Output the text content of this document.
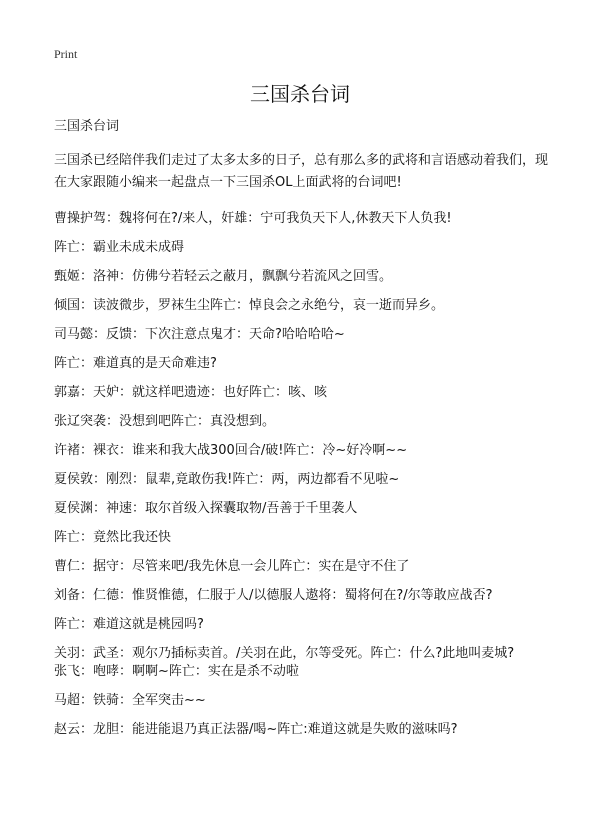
Print
三国杀台词

三国杀台词

三国杀已经陪伴我们走过了太多太多的日子，总有那么多的武将和言语感动着我们，现在大家跟随小编来一起盘点一下三国杀OL上面武将的台词吧!

曹操护驾：魏将何在?/来人，奸雄：宁可我负天下人,休教天下人负我!
阵亡：霸业未成未成碍
甄姬：洛神：仿佛兮若轻云之蔽月，飘飘兮若流风之回雪。
倾国：读波微步，罗袜生尘阵亡：悼良会之永绝兮，哀一逝而异乡。
司马懿：反馈：下次注意点鬼才：天命?哈哈哈哈~
阵亡：难道真的是天命难违?
郭嘉：天妒：就这样吧遗迹：也好阵亡：咳、咳
张辽突袭：没想到吧阵亡：真没想到。
许褚：裸衣：谁来和我大战300回合/破!阵亡：冷~好冷啊~~
夏侯敦：刚烈：鼠辈,竟敢伤我!阵亡：两，两边都看不见啦~
夏侯渊：神速：取尔首级入探囊取物/吾善于千里袭人
阵亡：竟然比我还快
曹仁：据守：尽管来吧/我先休息一会儿阵亡：实在是守不住了
刘备：仁德：惟贤惟德，仁服于人/以德服人遨将：蜀将何在?/尔等敢应战否?
阵亡：难道这就是桃园吗?
关羽：武圣：观尔乃插标卖首。/关羽在此，尔等受死。阵亡：什么?此地叫麦城?
张飞：咆哮：啊啊~阵亡：实在是杀不动啦
马超：铁骑：全军突击~~
赵云：龙胆：能进能退乃真正法器/喝~阵亡:难道这就是失败的滋味吗?
